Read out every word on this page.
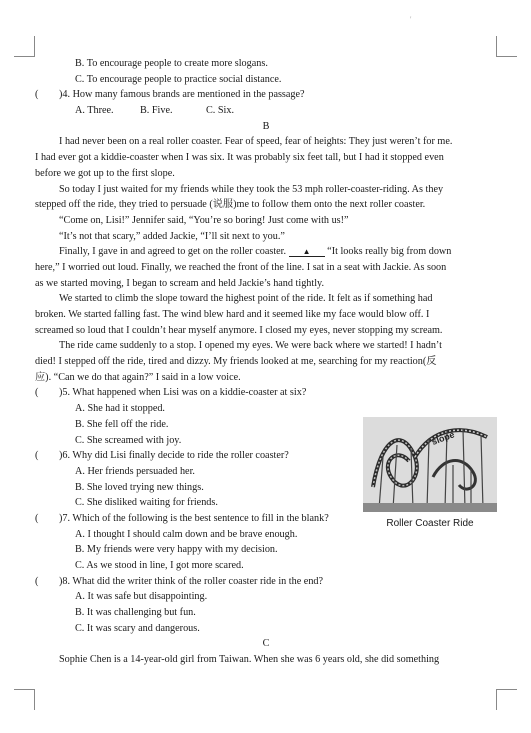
'
B. To encourage people to create more slogans.
C. To encourage people to practice social distance.
( )4. How many famous brands are mentioned in the passage?
A. Three.	B. Five.	C. Six.
B
I had never been on a real roller coaster. Fear of speed, fear of heights: They just weren’t for me.
I had ever got a kiddie-coaster when I was six. It was probably six feet tall, but I had it stopped even
before we got up to the first slope.
So today I just waited for my friends while they took the 53 mph roller-coaster-riding. As they
stepped off the ride, they tried to persuade (说服)me to follow them onto the next roller coaster.
“Come on, Lisi!” Jennifer said, “You’re so boring! Just come with us!”
“It’s not that scary,” added Jackie, “I’ll sit next to you.”
Finally, I gave in and agreed to get on the roller coaster. ▲ “It looks really big from down
here,” I worried out loud. Finally, we reached the front of the line. I sat in a seat with Jackie. As soon
as we started moving, I began to scream and held Jackie’s hand tightly.
We started to climb the slope toward the highest point of the ride. It felt as if something had
broken. We started falling fast. The wind blew hard and it seemed like my face would blow off. I
screamed so loud that I couldn’t hear myself anymore. I closed my eyes, never stopping my scream.
The ride came suddenly to a stop. I opened my eyes. We were back where we started! I hadn’t
died! I stepped off the ride, tired and dizzy. My friends looked at me, searching for my reaction(反
应). “Can we do that again?” I said in a low voice.
( )5. What happened when Lisi was on a kiddie-coaster at six?
A. She had it stopped.
B. She fell off the ride.
C. She screamed with joy.
( )6. Why did Lisi finally decide to ride the roller coaster?
A. Her friends persuaded her.
B. She loved trying new things.
C. She disliked waiting for friends.
( )7. Which of the following is the best sentence to fill in the blank?
A. I thought I should calm down and be brave enough.
B. My friends were very happy with my decision.
C. As we stood in line, I got more scared.
( )8. What did the writer think of the roller coaster ride in the end?
A. It was safe but disappointing.
B. It was challenging but fun.
C. It was scary and dangerous.
C
Sophie Chen is a 14-year-old girl from Taiwan. When she was 6 years old, she did something
slope
Roller Coaster Ride
